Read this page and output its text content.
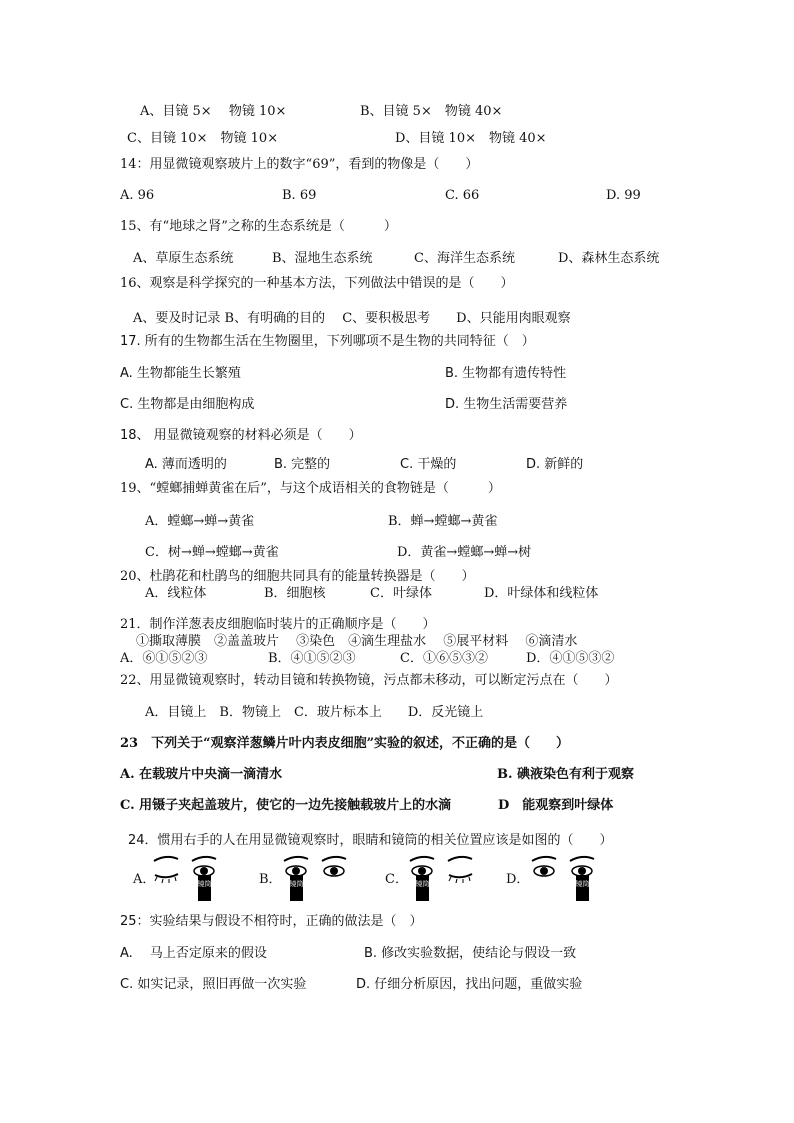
A、目镜 5×　 物镜 10×	B、目镜 5×　物镜 40×
C、目镜 10×　物镜 10×	D、目镜 10×　物镜 40×
14：用显微镜观察玻片上的数字“69”，看到的物像是（　　）
A. 96	B. 69	C. 66	D. 99
15、有“地球之肾”之称的生态系统是（　　　）
A、草原生态系统	B、湿地生态系统	C、海洋生态系统	D、森林生态系统
16、观察是科学探究的一种基本方法，下列做法中错误的是（　　）
A、要及时记录 B、有明确的目的　 C、要积极思考　　D、只能用肉眼观察
17. 所有的生物都生活在生物圈里，下列哪项不是生物的共同特征（　）
A. 生物都能生长繁殖	B. 生物都有遗传特性
C. 生物都是由细胞构成	D. 生物生活需要营养
18、 用显微镜观察的材料必须是（　　）
A. 薄而透明的	B. 完整的	C. 干燥的	D. 新鲜的
19、“螳螂捕蝉黄雀在后”，与这个成语相关的食物链是（　　　）
A．螳螂→蝉→黄雀	B．蝉→螳螂→黄雀
C．树→蝉→螳螂→黄雀	D．黄雀→螳螂→蝉→树
20、杜鹃花和杜鹃鸟的细胞共同具有的能量转换器是（　　）
A．线粒体	B．细胞核	C．叶绿体	D．叶绿体和线粒体
21．制作洋葱表皮细胞临时装片的正确顺序是（　　）
①撕取薄膜　②盖盖玻片　 ③染色　④滴生理盐水　 ⑤展平材料　 ⑥滴清水
A．⑥①⑤②③	B．④①⑤②③	C．①⑥⑤③②	D．④①⑤③②
22、用显微镜观察时，转动目镜和转换物镜，污点都未移动，可以断定污点在（　　）
A．目镜上　B．物镜上　C．玻片标本上　　D．反光镜上
23　下列关于“观察洋葱鳞片叶内表皮细胞”实验的叙述，不正确的是（　　）
A. 在载玻片中央滴一滴清水	B. 碘液染色有利于观察
C. 用镊子夹起盖玻片，使它的一边先接触载玻片上的水滴	D　能观察到叶绿体
24．惯用右手的人在用显微镜观察时，眼睛和镜筒的相关位置应该是如图的（　　）
A．	B．	C．	D．
镜筒	镜筒	镜筒	镜筒
25：实验结果与假设不相符时，正确的做法是（　）
A.　 马上否定原来的假设	B. 修改实验数据，使结论与假设一致
C. 如实记录，照旧再做一次实验	D. 仔细分析原因，找出问题，重做实验
